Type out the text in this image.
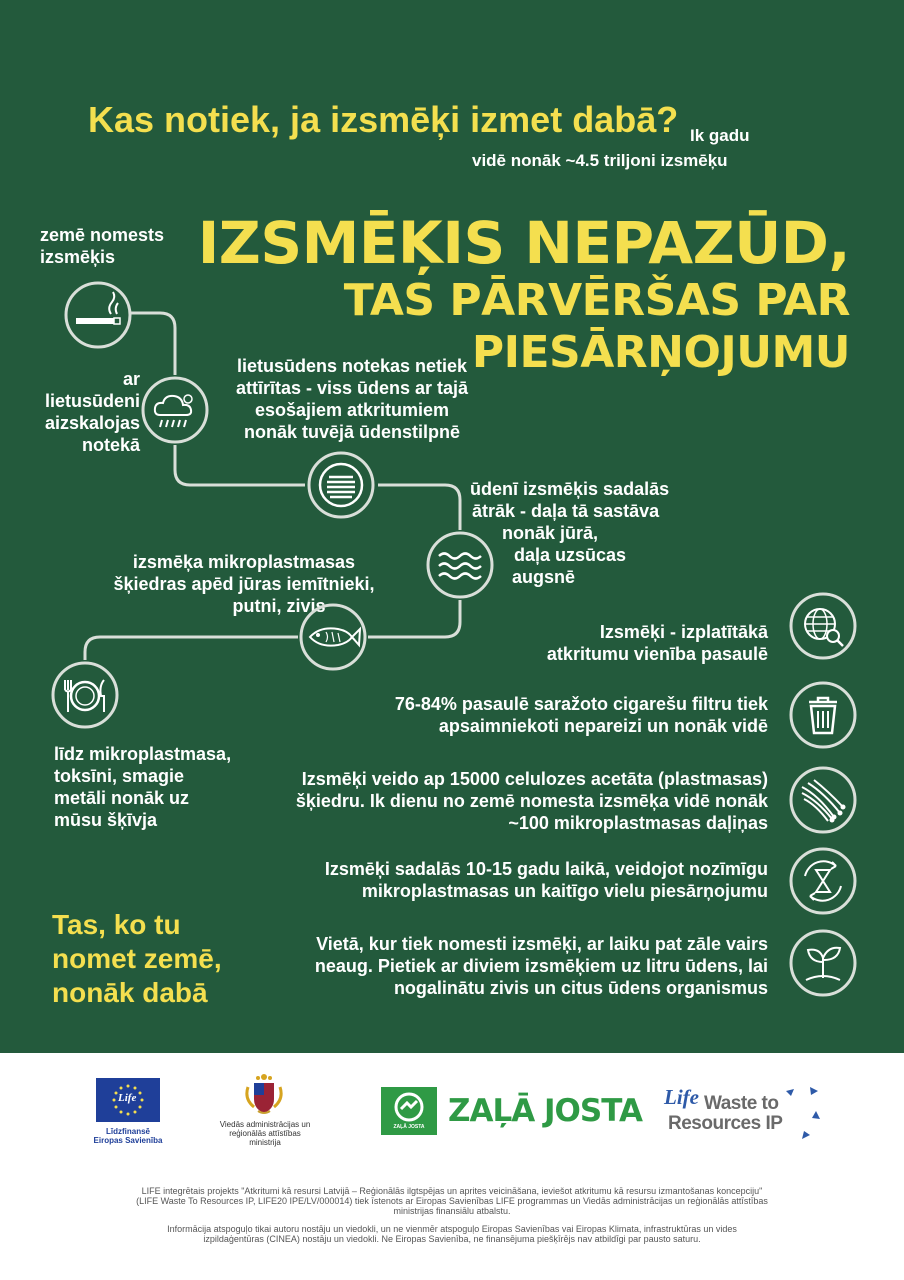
Kas notiek, ja izsmēķi izmet dabā? Ik gadu
vidē nonāk ~4.5 triljoni izsmēķu
IZSMĒĶIS NEPAZŪD,
TAS PĀRVĒRŠAS PAR
PIESĀRŅOJUMU
zemē nomests
izsmēķis
ar
lietusūdeni
aizskalojas
notekā
lietusūdens notekas netiek
attīrītas - viss ūdens ar tajā
esošajiem atkritumiem
nonāk tuvējā ūdenstilpnē
ūdenī izsmēķis sadalās
ātrāk - daļa tā sastāva
nonāk jūrā,
daļa uzsūcas
augsnē
izsmēķa mikroplastmasas
šķiedras apēd jūras iemītnieki,
putni, zivis
līdz mikroplastmasa,
toksīni, smagie
metāli nonāk uz
mūsu šķīvja
Tas, ko tu
nomet zemē,
nonāk dabā
Izsmēķi - izplatītākā
atkritumu vienība pasaulē
76-84% pasaulē saražoto cigarešu filtru tiek
apsaimniekoti nepareizi un nonāk vidē
Izsmēķi veido ap 15000 celulozes acetāta (plastmasas)
šķiedru. Ik dienu no zemē nomesta izsmēķa vidē nonāk
~100 mikroplastmasas daļiņas
Izsmēķi sadalās 10-15 gadu laikā, veidojot nozīmīgu
mikroplastmasas un kaitīgo vielu piesārņojumu
Vietā, kur tiek nomesti izsmēķi, ar laiku pat zāle vairs
neaug. Pietiek ar diviem izsmēķiem uz litru ūdens, lai
nogalinātu zivis un citus ūdens organismus
Life
Līdzfinansē
Eiropas Savienība
Viedās administrācijas un
reģionālās attīstības
ministrija
ZAĻĀ JOSTA ZAĻĀ JOSTA Life Waste to
Resources IP
LIFE integrētais projekts "Atkritumi kā resursi Latvijā – Reģionālās ilgtspējas un aprites veicināšana, ieviešot atkritumu kā resursu izmantošanas koncepciju"
(LIFE Waste To Resources IP, LIFE20 IPE/LV/000014) tiek īstenots ar Eiropas Savienības LIFE programmas un Viedās administrācijas un reģionālās attīstības
ministrijas finansiālu atbalstu.
Informācija atspoguļo tikai autoru nostāju un viedokli, un ne vienmēr atspoguļo Eiropas Savienības vai Eiropas Klimata, infrastruktūras un vides
izpildaģentūras (CINEA) nostāju un viedokli. Ne Eiropas Savienība, ne finansējuma piešķīrējs nav atbildīgi par pausto saturu.
